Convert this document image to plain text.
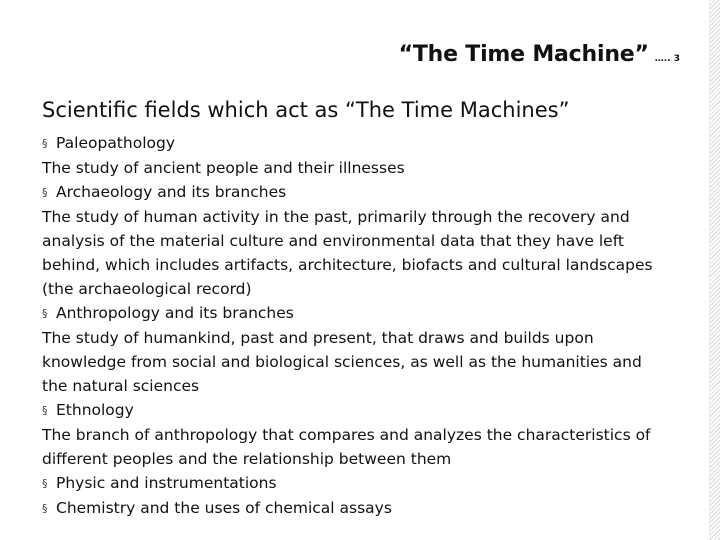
“The Time Machine” ….. 3
Scientific fields which act as “The Time Machines”
§ Paleopathology
The study of ancient people and their illnesses
§ Archaeology and its branches
The study of human activity in the past, primarily through the recovery and
analysis of the material culture and environmental data that they have left
behind, which includes artifacts, architecture, biofacts and cultural landscapes
(the archaeological record)
§ Anthropology and its branches
The study of humankind, past and present, that draws and builds upon
knowledge from social and biological sciences, as well as the humanities and
the natural sciences
§ Ethnology
The branch of anthropology that compares and analyzes the characteristics of
different peoples and the relationship between them
§ Physic and instrumentations
§ Chemistry and the uses of chemical assays
